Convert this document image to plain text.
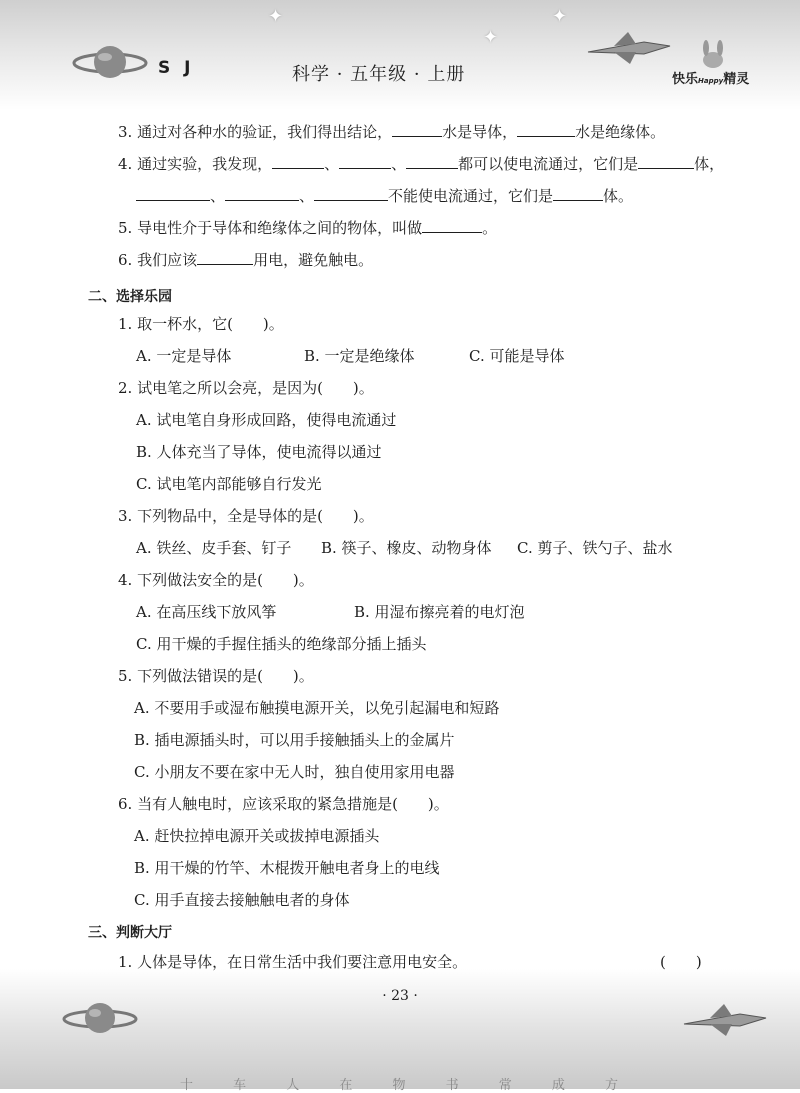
✦
✦
✦
S J	科学 · 五年级 · 上册	快乐Happy精灵
3. 通过对各种水的验证，我们得出结论，	水是导体，	水是绝缘体。
4. 通过实验，我发现，	、	、	都可以使电流通过，它们是	体，
、	、	不能使电流通过，它们是	体。
5. 导电性介于导体和绝缘体之间的物体，叫做	。
6. 我们应该	用电，避免触电。
二、选择乐园
1. 取一杯水，它(　　)。
A. 一定是导体	B. 一定是绝缘体	C. 可能是导体
2. 试电笔之所以会亮，是因为(　　)。
A. 试电笔自身形成回路，使得电流通过
B. 人体充当了导体，使电流得以通过
C. 试电笔内部能够自行发光
3. 下列物品中，全是导体的是(　　)。
A. 铁丝、皮手套、钉子 B. 筷子、橡皮、动物身体 C. 剪子、铁勺子、盐水
4. 下列做法安全的是(　　)。
A. 在高压线下放风筝	B. 用湿布擦亮着的电灯泡
C. 用干燥的手握住插头的绝缘部分插上插头
5. 下列做法错误的是(　　)。
A. 不要用手或湿布触摸电源开关，以免引起漏电和短路
B. 插电源插头时，可以用手接触插头上的金属片
C. 小朋友不要在家中无人时，独自使用家用电器
6. 当有人触电时，应该采取的紧急措施是(　　)。
A. 赶快拉掉电源开关或拔掉电源插头
B. 用干燥的竹竿、木棍拨开触电者身上的电线
C. 用手直接去接触触电者的身体
三、判断大厅
1. 人体是导体，在日常生活中我们要注意用电安全。	(　　)
· 23 ·
十 车 人 在 物 书 常 成 方
